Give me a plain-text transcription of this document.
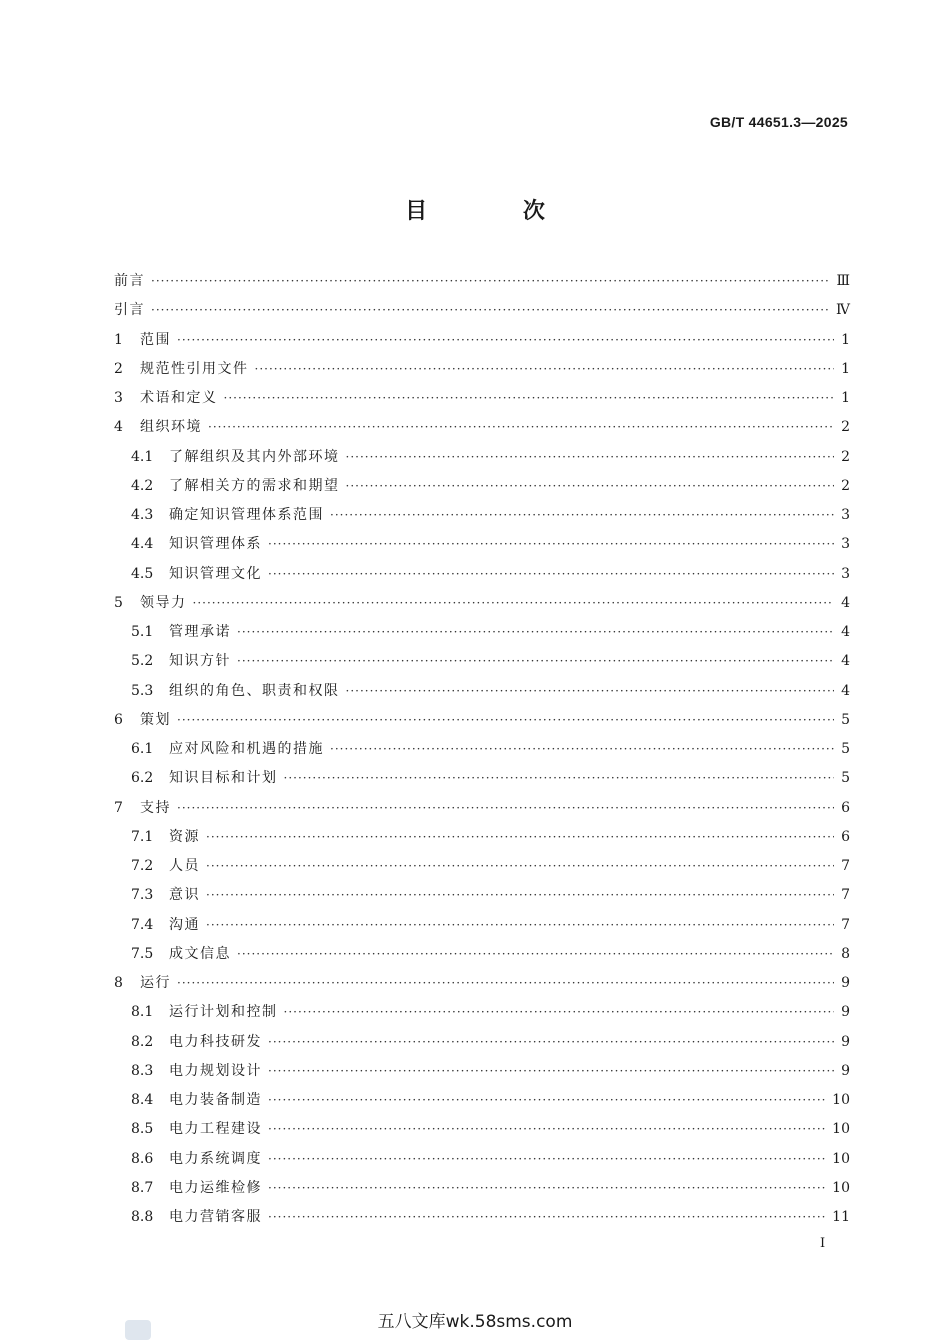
GB/T 44651.3—2025
目 次
前言 ·····	Ⅲ
引言 ·····	Ⅳ
1	范围 ·····	1
2	规范性引用文件 ·····	1
3	术语和定义 ·····	1
4	组织环境 ·····	2
4.1	了解组织及其内外部环境 ·····	2
4.2	了解相关方的需求和期望 ·····	2
4.3	确定知识管理体系范围 ·····	3
4.4	知识管理体系 ·····	3
4.5	知识管理文化 ·····	3
5	领导力 ·····	4
5.1	管理承诺 ·····	4
5.2	知识方针 ·····	4
5.3	组织的角色、职责和权限 ·····	4
6	策划 ·····	5
6.1	应对风险和机遇的措施 ·····	5
6.2	知识目标和计划 ·····	5
7	支持 ·····	6
7.1	资源 ·····	6
7.2	人员 ·····	7
7.3	意识 ·····	7
7.4	沟通 ·····	7
7.5	成文信息 ·····	8
8	运行 ·····	9
8.1	运行计划和控制 ·····	9
8.2	电力科技研发 ·····	9
8.3	电力规划设计 ·····	9
8.4	电力装备制造 ·····	10
8.5	电力工程建设 ·····	10
8.6	电力系统调度 ·····	10
8.7	电力运维检修 ·····	10
8.8	电力营销客服 ·····	11
I
五八文库wk.58sms.com
